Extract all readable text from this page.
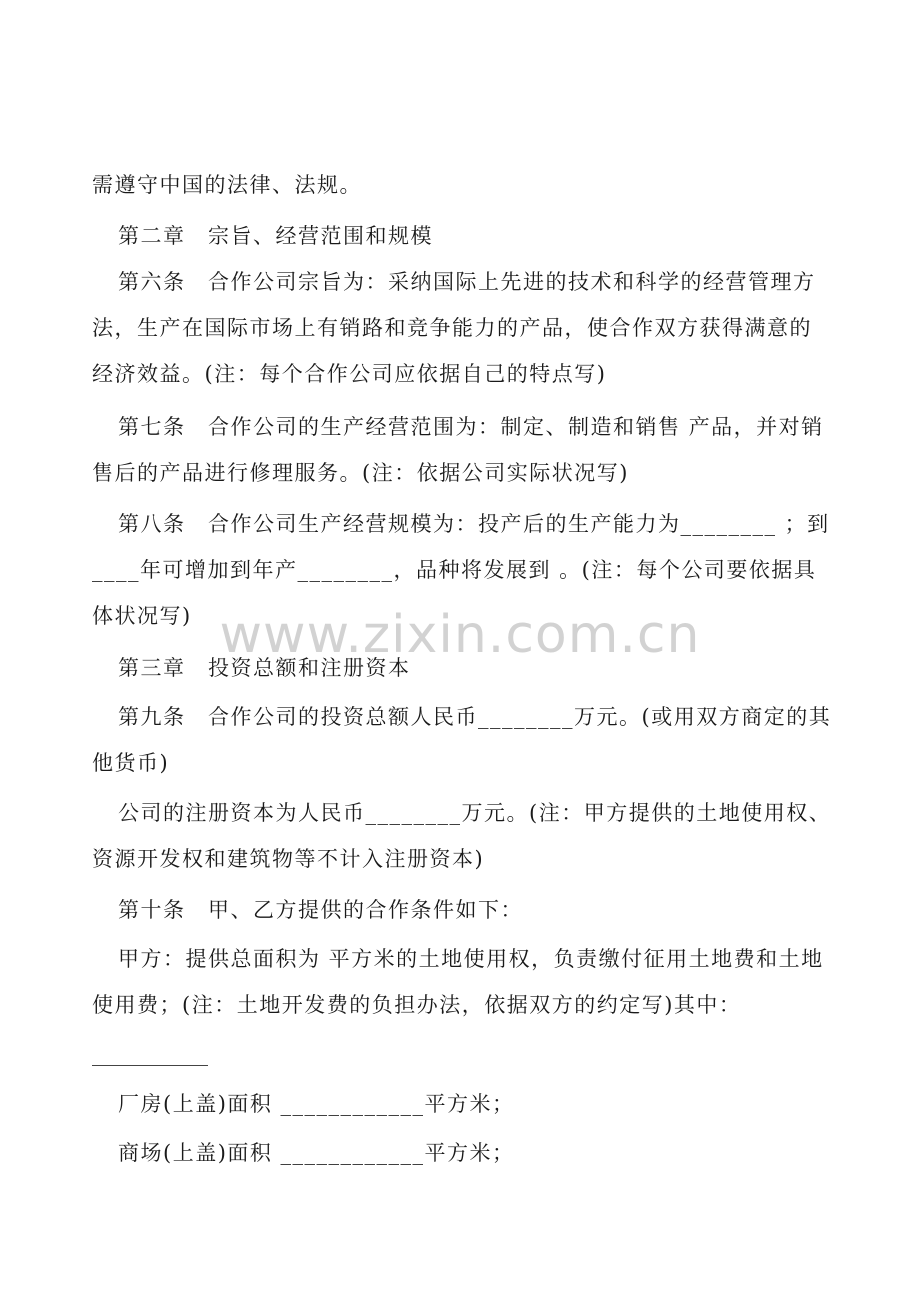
需遵守中国的法律、法规。

第二章　宗旨、经营范围和规模

第六条　合作公司宗旨为：采纳国际上先进的技术和科学的经营管理方法，生产在国际市场上有销路和竞争能力的产品，使合作双方获得满意的经济效益。(注：每个合作公司应依据自己的特点写)

第七条　合作公司的生产经营范围为：制定、制造和销售 产品，并对销售后的产品进行修理服务。(注：依据公司实际状况写)

第八条　合作公司生产经营规模为：投产后的生产能力为________ ；到____年可增加到年产________，品种将发展到 。(注：每个公司要依据具体状况写)

第三章　投资总额和注册资本

第九条　合作公司的投资总额人民币________万元。(或用双方商定的其他货币)

公司的注册资本为人民币________万元。(注：甲方提供的土地使用权、资源开发权和建筑物等不计入注册资本)

第十条　甲、乙方提供的合作条件如下：

甲方：提供总面积为 平方米的土地使用权，负责缴付征用土地费和土地使用费；(注：土地开发费的负担办法，依据双方的约定写)其中：

厂房(上盖)面积 ____________平方米；

商场(上盖)面积 ____________平方米；

www.zixin.com.cn
